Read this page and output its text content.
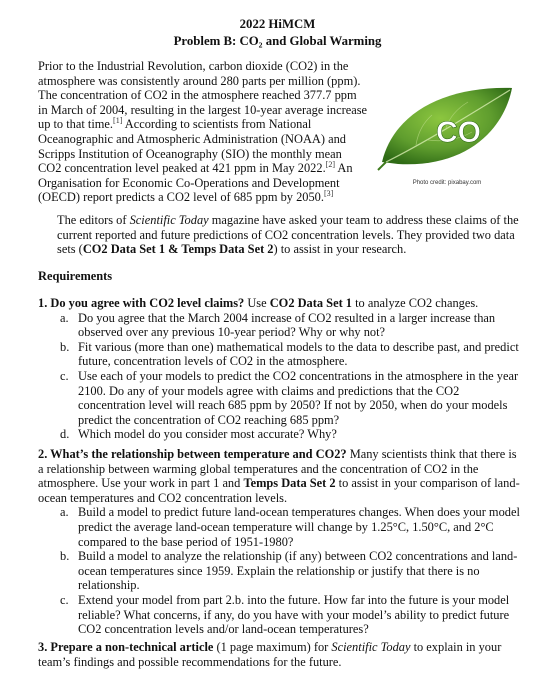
2022 HiMCM
Problem B: CO₂ and Global Warming

Prior to the Industrial Revolution, carbon dioxide (CO2) in the atmosphere was consistently around 280 parts per million (ppm). The concentration of CO2 in the atmosphere reached 377.7 ppm in March of 2004, resulting in the largest 10-year average increase up to that time.[1] According to scientists from National Oceanographic and Atmospheric Administration (NOAA) and Scripps Institution of Oceanography (SIO) the monthly mean CO2 concentration level peaked at 421 ppm in May 2022.[2] An Organisation for Economic Co-Operations and Development (OECD) report predicts a CO2 level of 685 ppm by 2050.[3]

CO 2
Photo credit: pixabay.com

The editors of Scientific Today magazine have asked your team to address these claims of the current reported and future predictions of CO2 concentration levels. They provided two data sets (CO2 Data Set 1 & Temps Data Set 2) to assist in your research.

Requirements

1. Do you agree with CO2 level claims? Use CO2 Data Set 1 to analyze CO2 changes.

a. Do you agree that the March 2004 increase of CO2 resulted in a larger increase than observed over any previous 10-year period? Why or why not?
b. Fit various (more than one) mathematical models to the data to describe past, and predict future, concentration levels of CO2 in the atmosphere.
c. Use each of your models to predict the CO2 concentrations in the atmosphere in the year 2100. Do any of your models agree with claims and predictions that the CO2 concentration level will reach 685 ppm by 2050? If not by 2050, when do your models predict the concentration of CO2 reaching 685 ppm?
d. Which model do you consider most accurate? Why?

2. What’s the relationship between temperature and CO2? Many scientists think that there is a relationship between warming global temperatures and the concentration of CO2 in the atmosphere. Use your work in part 1 and Temps Data Set 2 to assist in your comparison of land-ocean temperatures and CO2 concentration levels.

a. Build a model to predict future land-ocean temperatures changes. When does your model predict the average land-ocean temperature will change by 1.25°C, 1.50°C, and 2°C compared to the base period of 1951-1980?
b. Build a model to analyze the relationship (if any) between CO2 concentrations and land-ocean temperatures since 1959. Explain the relationship or justify that there is no relationship.
c. Extend your model from part 2.b. into the future. How far into the future is your model reliable? What concerns, if any, do you have with your model’s ability to predict future CO2 concentration levels and/or land-ocean temperatures?

3. Prepare a non-technical article (1 page maximum) for Scientific Today to explain in your team’s findings and possible recommendations for the future.
